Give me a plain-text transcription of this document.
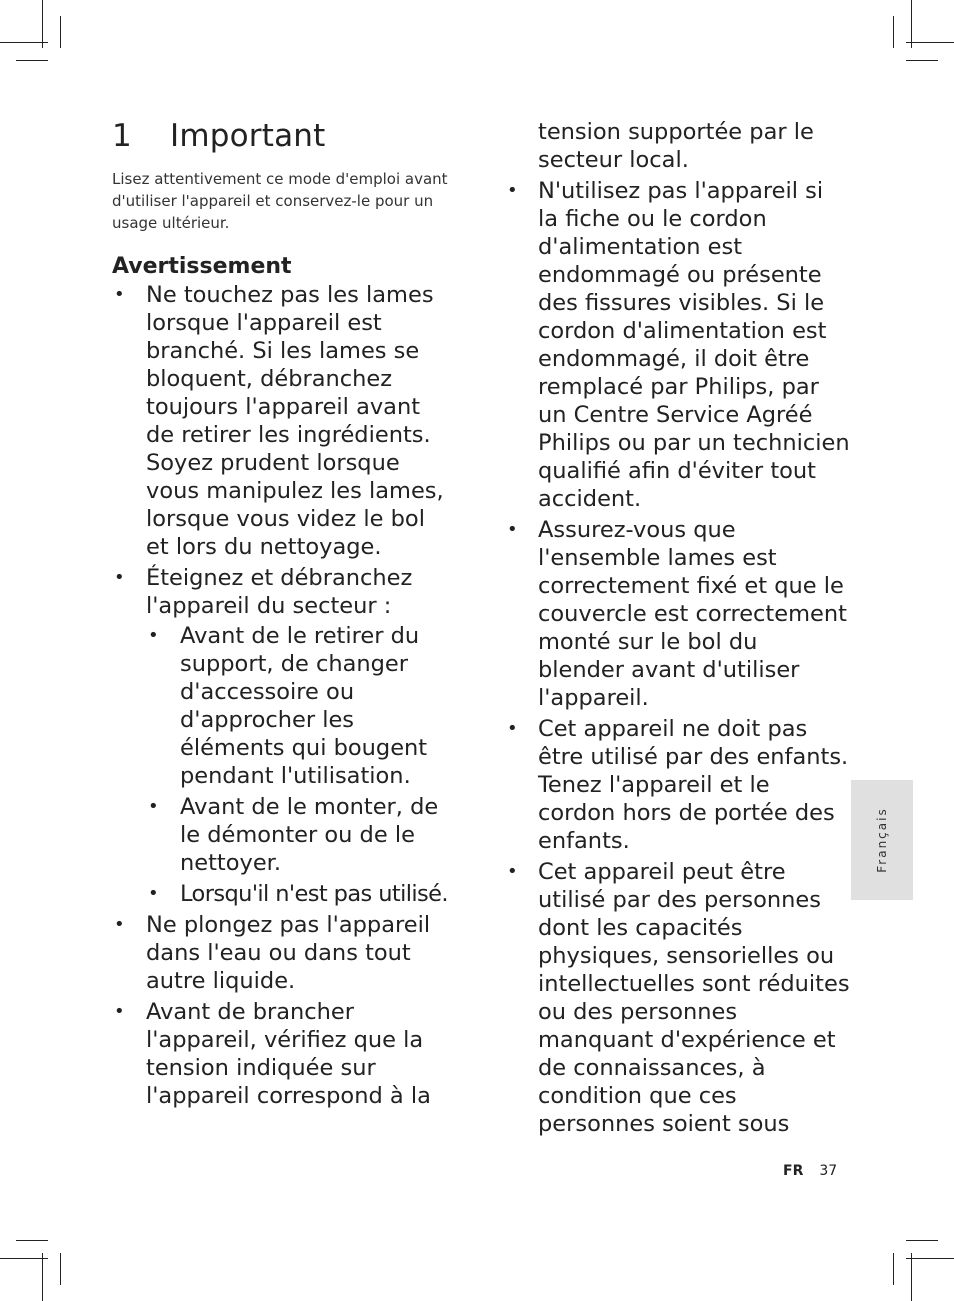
1 Important

Lisez attentivement ce mode d'emploi avant d'utiliser l'appareil et conservez-le pour un usage ultérieur.

Avertissement
• Ne touchez pas les lames lorsque l'appareil est branché. Si les lames se bloquent, débranchez toujours l'appareil avant de retirer les ingrédients. Soyez prudent lorsque vous manipulez les lames, lorsque vous videz le bol et lors du nettoyage.
• Éteignez et débranchez l'appareil du secteur :
• Avant de le retirer du support, de changer d'accessoire ou d'approcher les éléments qui bougent pendant l'utilisation.
• Avant de le monter, de le démonter ou de le nettoyer.
• Lorsqu'il n'est pas utilisé.
• Ne plongez pas l'appareil dans l'eau ou dans tout autre liquide.
• Avant de brancher l'appareil, vérifiez que la tension indiquée sur l'appareil correspond à la

tension supportée par le secteur local.

• N'utilisez pas l'appareil si la fiche ou le cordon d'alimentation est endommagé ou présente des fissures visibles. Si le cordon d'alimentation est endommagé, il doit être remplacé par Philips, par un Centre Service Agréé Philips ou par un technicien qualifié afin d'éviter tout accident.
• Assurez-vous que l'ensemble lames est correctement fixé et que le couvercle est correctement monté sur le bol du blender avant d'utiliser l'appareil.
• Cet appareil ne doit pas être utilisé par des enfants. Tenez l'appareil et le cordon hors de portée des enfants.
• Cet appareil peut être utilisé par des personnes dont les capacités physiques, sensorielles ou intellectuelles sont réduites ou des personnes manquant d'expérience et de connaissances, à condition que ces personnes soient sous
Français
FR 37
